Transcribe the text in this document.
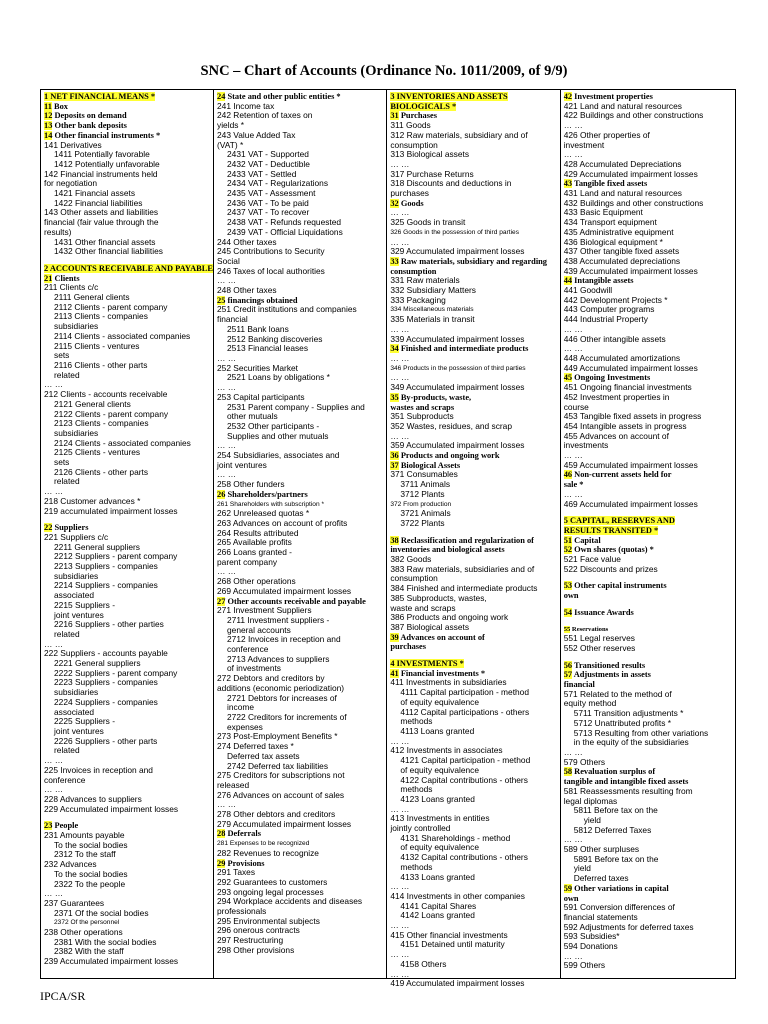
SNC – Chart of Accounts (Ordinance No. 1011/2009, of 9/9)
1 NET FINANCIAL MEANS *
11 Box
12 Deposits on demand
13 Other bank deposits
14 Other financial instruments *
141 Derivatives
1411 Potentially favorable
1412 Potentially unfavorable
142 Financial instruments held
for negotiation
1421 Financial assets
1422 Financial liabilities
143 Other assets and liabilities
financial (fair value through the
results)
1431 Other financial assets
1432 Other financial liabilities
2 ACCOUNTS RECEIVABLE AND PAYABLE
21 Clients
211 Clients c/c
2111 General clients
2112 Clients - parent company
2113 Clients - companies
subsidiaries
2114 Clients - associated companies
2115 Clients - ventures
sets
2116 Clients - other parts
related
… …
212 Clients - accounts receivable
2121 General clients
2122 Clients - parent company
2123 Clients - companies
subsidiaries
2124 Clients - associated companies
2125 Clients - ventures
sets
2126 Clients - other parts
related
… …
218 Customer advances *
219 accumulated impairment losses
22 Suppliers
221 Suppliers c/c
2211 General suppliers
2212 Suppliers - parent company
2213 Suppliers - companies
subsidiaries
2214 Suppliers - companies
associated
2215 Suppliers -
joint ventures
2216 Suppliers - other parties
related
… …
222 Suppliers - accounts payable
2221 General suppliers
2222 Suppliers - parent company
2223 Suppliers - companies
subsidiaries
2224 Suppliers - companies
associated
2225 Suppliers -
joint ventures
2226 Suppliers - other parts
related
… …
225 Invoices in reception and
conference
… …
228 Advances to suppliers
229 Accumulated impairment losses
23 People
231 Amounts payable
To the social bodies
2312 To the staff
232 Advances
To the social bodies
2322 To the people
… …
237 Guarantees
2371 Of the social bodies
2372 Of the personnel
238 Other operations
2381 With the social bodies
2382 With the staff
239 Accumulated impairment losses
24 State and other public entities *
241 Income tax
242 Retention of taxes on
yields *
243 Value Added Tax
(VAT) *
2431 VAT - Supported
2432 VAT - Deductible
2433 VAT - Settled
2434 VAT - Regularizations
2435 VAT - Assessment
2436 VAT - To be paid
2437 VAT - To recover
2438 VAT - Refunds requested
2439 VAT - Official Liquidations
244 Other taxes
245 Contributions to Security
Social
246 Taxes of local authorities
… …
248 Other taxes
25 financings obtained
251 Credit institutions and companies
financial
2511 Bank loans
2512 Banking discoveries
2513 Financial leases
… …
252 Securities Market
2521 Loans by obligations *
… …
253 Capital participants
2531 Parent company - Supplies and
other mutuals
2532 Other participants -
Supplies and other mutuals
… …
254 Subsidiaries, associates and
joint ventures
… …
258 Other funders
26 Shareholders/partners
261 Shareholders with subscription *
262 Unreleased quotas *
263 Advances on account of profits
264 Results attributed
265 Available profits
266 Loans granted -
parent company
… …
268 Other operations
269 Accumulated impairment losses
27 Other accounts receivable and payable
271 Investment Suppliers
2711 Investment suppliers -
general accounts
2712 Invoices in reception and
conference
2713 Advances to suppliers
of investments
272 Debtors and creditors by
additions (economic periodization)
2721 Debtors for increases of
income
2722 Creditors for increments of
expenses
273 Post-Employment Benefits *
274 Deferred taxes *
Deferred tax assets
2742 Deferred tax liabilities
275 Creditors for subscriptions not
released
276 Advances on account of sales
… …
278 Other debtors and creditors
279 Accumulated impairment losses
28 Deferrals
281 Expenses to be recognized
282 Revenues to recognize
29 Provisions
291 Taxes
292 Guarantees to customers
293 ongoing legal processes
294 Workplace accidents and diseases
professionals
295 Environmental subjects
296 onerous contracts
297 Restructuring
298 Other provisions
3 INVENTORIES AND ASSETS
BIOLOGICALS *
31 Purchases
311 Goods
312 Raw materials, subsidiary and of
consumption
313 Biological assets
… …
317 Purchase Returns
318 Discounts and deductions in
purchases
32 Goods
… …
325 Goods in transit
326 Goods in the possession of third parties
… …
329 Accumulated impairment losses
33 Raw materials, subsidiary and regarding
consumption
331 Raw materials
332 Subsidiary Matters
333 Packaging
334 Miscellaneous materials
335 Materials in transit
… …
339 Accumulated impairment losses
34 Finished and intermediate products
… …
346 Products in the possession of third parties
… …
349 Accumulated impairment losses
35 By-products, waste,
wastes and scraps
351 Subproducts
352 Wastes, residues, and scrap
… …
359 Accumulated impairment losses
36 Products and ongoing work
37 Biological Assets
371 Consumables
3711 Animals
3712 Plants
372 From production
3721 Animals
3722 Plants
38 Reclassification and regularization of
inventories and biological assets
382 Goods
383 Raw materials, subsidiaries and of
consumption
384 Finished and intermediate products
385 Subproducts, wastes,
waste and scraps
386 Products and ongoing work
387 Biological assets
39 Advances on account of
purchases
4 INVESTMENTS *
41 Financial investments *
411 Investments in subsidiaries
4111 Capital participation - method
of equity equivalence
4112 Capital participations - others
methods
4113 Loans granted
… …
412 Investments in associates
4121 Capital participation - method
of equity equivalence
4122 Capital contributions - others
methods
4123 Loans granted
… …
413 Investments in entities
jointly controlled
4131 Shareholdings - method
of equity equivalence
4132 Capital contributions - others
methods
4133 Loans granted
… …
414 Investments in other companies
4141 Capital Shares
4142 Loans granted
… …
415 Other financial investments
4151 Detained until maturity
… …
4158 Others
… …
419 Accumulated impairment losses
42 Investment properties
421 Land and natural resources
422 Buildings and other constructions
… …
426 Other properties of
investment
… …
428 Accumulated Depreciations
429 Accumulated impairment losses
43 Tangible fixed assets
431 Land and natural resources
432 Buildings and other constructions
433 Basic Equipment
434 Transport equipment
435 Administrative equipment
436 Biological equipment *
437 Other tangible fixed assets
438 Accumulated depreciations
439 Accumulated impairment losses
44 Intangible assets
441 Goodwill
442 Development Projects *
443 Computer programs
444 Industrial Property
… …
446 Other intangible assets
… …
448 Accumulated amortizations
449 Accumulated impairment losses
45 Ongoing Investments
451 Ongoing financial investments
452 Investment properties in
course
453 Tangible fixed assets in progress
454 Intangible assets in progress
455 Advances on account of
investments
… …
459 Accumulated impairment losses
46 Non-current assets held for
sale *
… …
469 Accumulated impairment losses
5 CAPITAL, RESERVES AND
RESULTS TRANSITED *
51 Capital
52 Own shares (quotas) *
521 Face value
522 Discounts and prizes
53 Other capital instruments
own
54 Issuance Awards
55 Reservations
551 Legal reserves
552 Other reserves
56 Transitioned results
57 Adjustments in assets
financial
571 Related to the method of
equity method
5711 Transition adjustments *
5712 Unattributed profits *
5713 Resulting from other variations
in the equity of the subsidiaries
… …
579 Others
58 Revaluation surplus of
tangible and intangible fixed assets
581 Reassessments resulting from
legal diplomas
5811 Before tax on the
yield
5812 Deferred Taxes
… …
589 Other surpluses
5891 Before tax on the
yield
Deferred taxes
59 Other variations in capital
own
591 Conversion differences of
financial statements
592 Adjustments for deferred taxes
593 Subsidies*
594 Donations
… …
599 Others
IPCA/SR
